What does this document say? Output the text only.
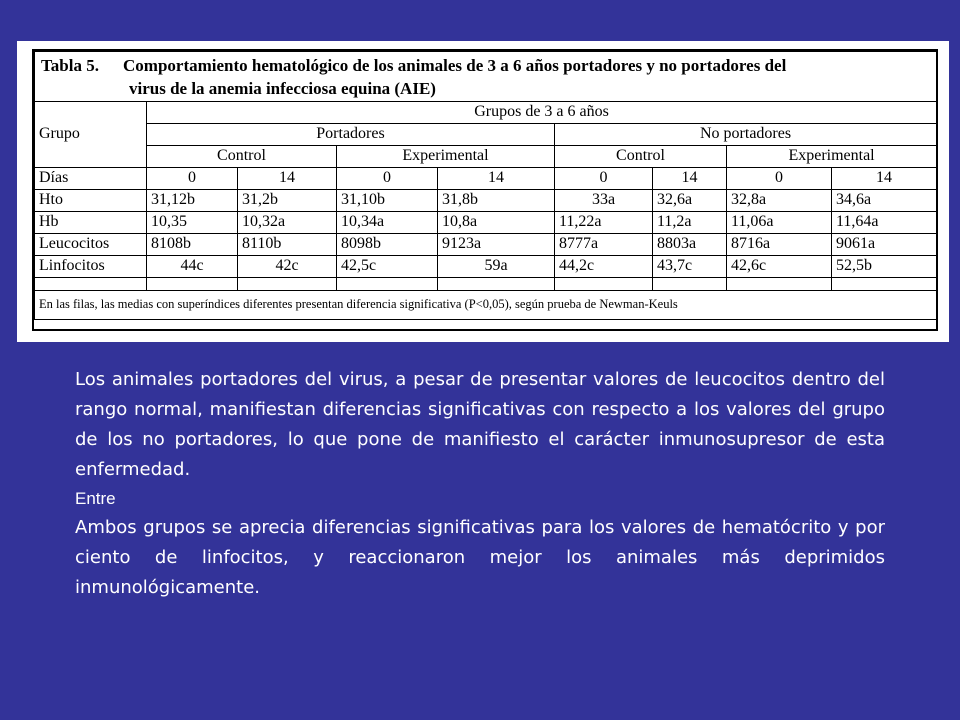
Tabla 5. Comportamiento hematológico de los animales de 3 a 6 años portadores y no portadores del
virus de la anemia infecciosa equina (AIE)								

Grupo	Grupos de 3 a 6 años							
	Portadores				No portadores			
	Control		Experimental		Control		Experimental	
Días	0	14	0	14	0	14	0	14
Hto	31,12b	31,2b	31,10b	31,8b	33a	32,6a	32,8a	34,6a
Hb	10,35	10,32a	10,34a	10,8a	11,22a	11,2a	11,06a	11,64a
Leucocitos	8108b	8110b	8098b	9123a	8777a	8803a	8716a	9061a
Linfocitos	44c	42c	42,5c	59a	44,2c	43,7c	42,6c	52,5b

En las filas, las medias con superíndices diferentes presentan diferencia significativa (P<0,05), según prueba de Newman-Keuls								

Los animales portadores del virus, a pesar de presentar valores de leucocitos dentro del rango normal, manifiestan diferencias significativas con respecto a los valores del grupo de los no portadores, lo que pone de manifiesto el carácter inmunosupresor de esta enfermedad.

Entre

Ambos grupos se aprecia diferencias significativas para los valores de hematócrito y por ciento de linfocitos, y reaccionaron mejor los animales más deprimidos inmunológicamente.
